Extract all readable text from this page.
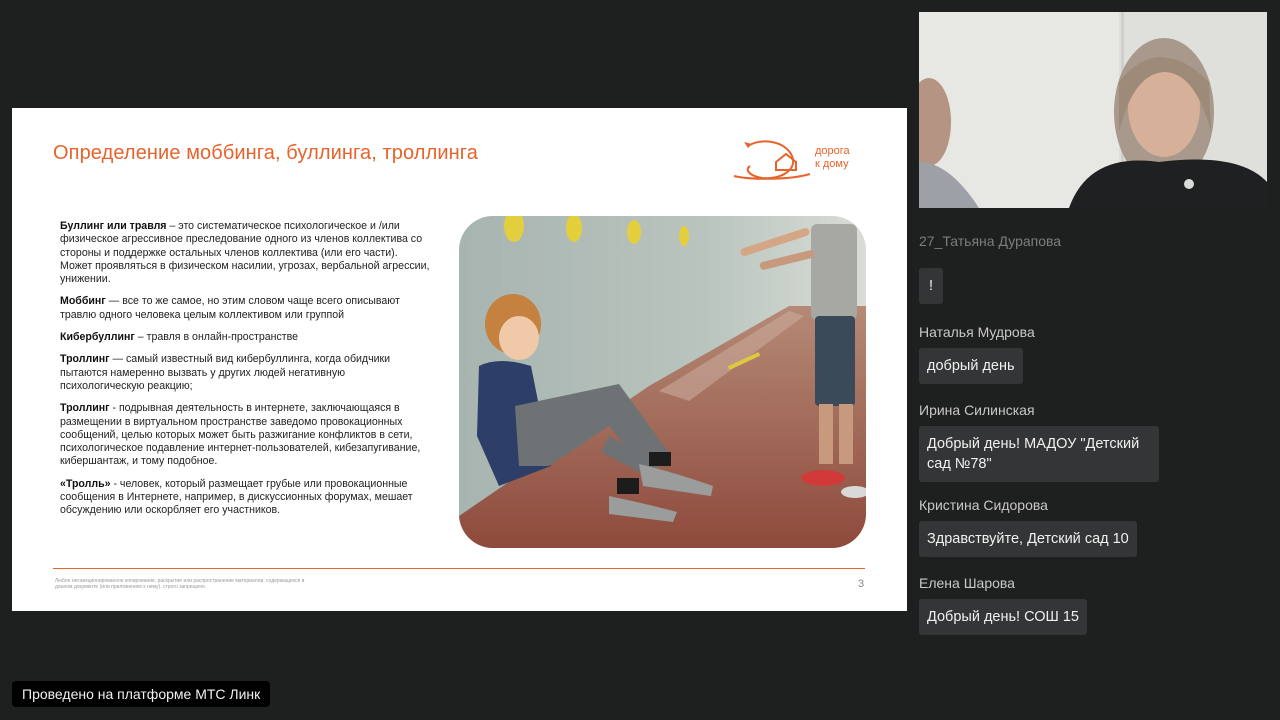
Определение моббинга, буллинга, троллинга	дорога
к дому

Буллинг или травля – это систематическое психологическое и /или физическое агрессивное преследование одного из членов коллектива со стороны и поддержке остальных членов коллектива (или его части). Может проявляться в физическом насилии, угрозах, вербальной агрессии, унижении.

Моббинг — все то же самое, но этим словом чаще всего описывают травлю одного человека целым коллективом или группой

Кибербуллинг – травля в онлайн-пространстве

Троллинг — самый известный вид кибербуллинга, когда обидчики пытаются намеренно вызвать у других людей негативную психологическую реакцию;

Троллинг - подрывная деятельность в интернете, заключающаяся в размещении в виртуальном пространстве заведомо провокационных сообщений, целью которых может быть разжигание конфликтов в сети, психологическое подавление интернет-пользователей, кибезапугивание, кибершантаж, и тому подобное.

«Тролль» - человек, который размещает грубые или провокационные сообщения в Интернете, например, в дискуссионных форумах, мешает обсуждению или оскорбляет его участников.

Любое несанкционированное копирование, раскрытие или распространение материалов, содержащихся в данном документе (или приложениях к нему), строго запрещено.	3
27_Татьяна Дурапова
!
Наталья Мудрова
добрый день
Ирина Силинская
Добрый день! МАДОУ "Детский сад №78"
Кристина Сидорова
Здравствуйте, Детский сад 10
Елена Шарова
Добрый день! СОШ 15
Проведено на платформе МТС Линк
